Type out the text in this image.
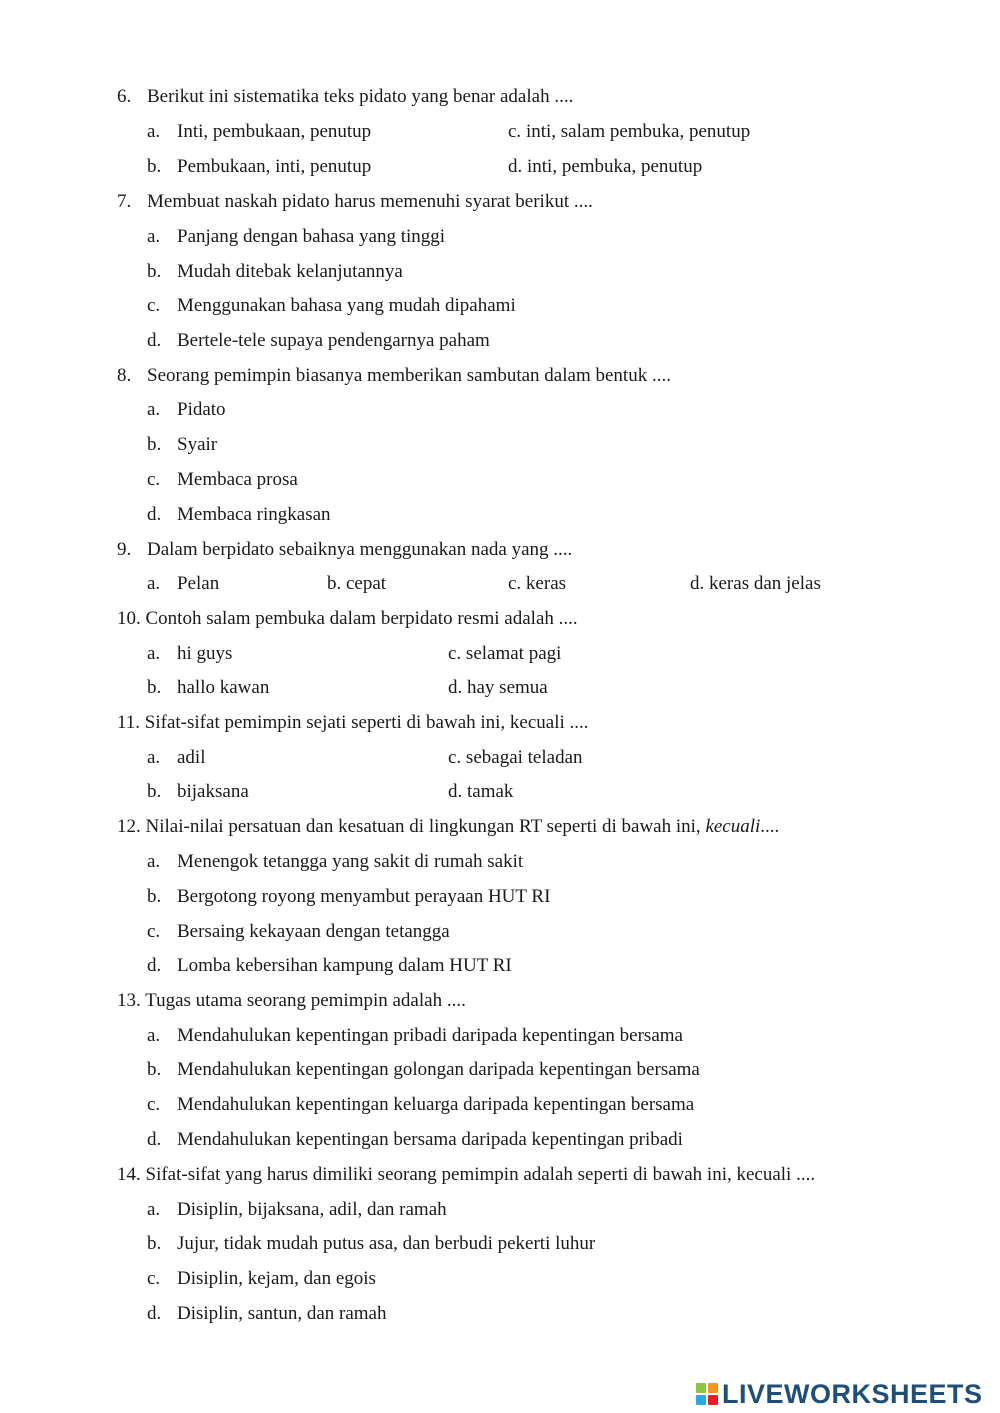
6. Berikut ini sistematika teks pidato yang benar adalah ....
a. Inti, pembukaan, penutup	c. inti, salam pembuka, penutup
b. Pembukaan, inti, penutup	d. inti, pembuka, penutup
7. Membuat naskah pidato harus memenuhi syarat berikut ....
a. Panjang dengan bahasa yang tinggi
b. Mudah ditebak kelanjutannya
c. Menggunakan bahasa yang mudah dipahami
d. Bertele-tele supaya pendengarnya paham
8. Seorang pemimpin biasanya memberikan sambutan dalam bentuk ....
a. Pidato
b. Syair
c. Membaca prosa
d. Membaca ringkasan
9. Dalam berpidato sebaiknya menggunakan nada yang ....
a. Pelan	b. cepat	c. keras	d. keras dan jelas
10. Contoh salam pembuka dalam berpidato resmi adalah ....
a. hi guys	c. selamat pagi
b. hallo kawan	d. hay semua
11. Sifat-sifat pemimpin sejati seperti di bawah ini, kecuali ....
a. adil	c. sebagai teladan
b. bijaksana	d. tamak
12. Nilai-nilai persatuan dan kesatuan di lingkungan RT seperti di bawah ini, kecuali....
a. Menengok tetangga yang sakit di rumah sakit
b. Bergotong royong menyambut perayaan HUT RI
c. Bersaing kekayaan dengan tetangga
d. Lomba kebersihan kampung dalam HUT RI
13. Tugas utama seorang pemimpin adalah ....
a. Mendahulukan kepentingan pribadi daripada kepentingan bersama
b. Mendahulukan kepentingan golongan daripada kepentingan bersama
c. Mendahulukan kepentingan keluarga daripada kepentingan bersama
d. Mendahulukan kepentingan bersama daripada kepentingan pribadi
14. Sifat-sifat yang harus dimiliki seorang pemimpin adalah seperti di bawah ini, kecuali ....
a. Disiplin, bijaksana, adil, dan ramah
b. Jujur, tidak mudah putus asa, dan berbudi pekerti luhur
c. Disiplin, kejam, dan egois
d. Disiplin, santun, dan ramah
LIVEWORKSHEETS
